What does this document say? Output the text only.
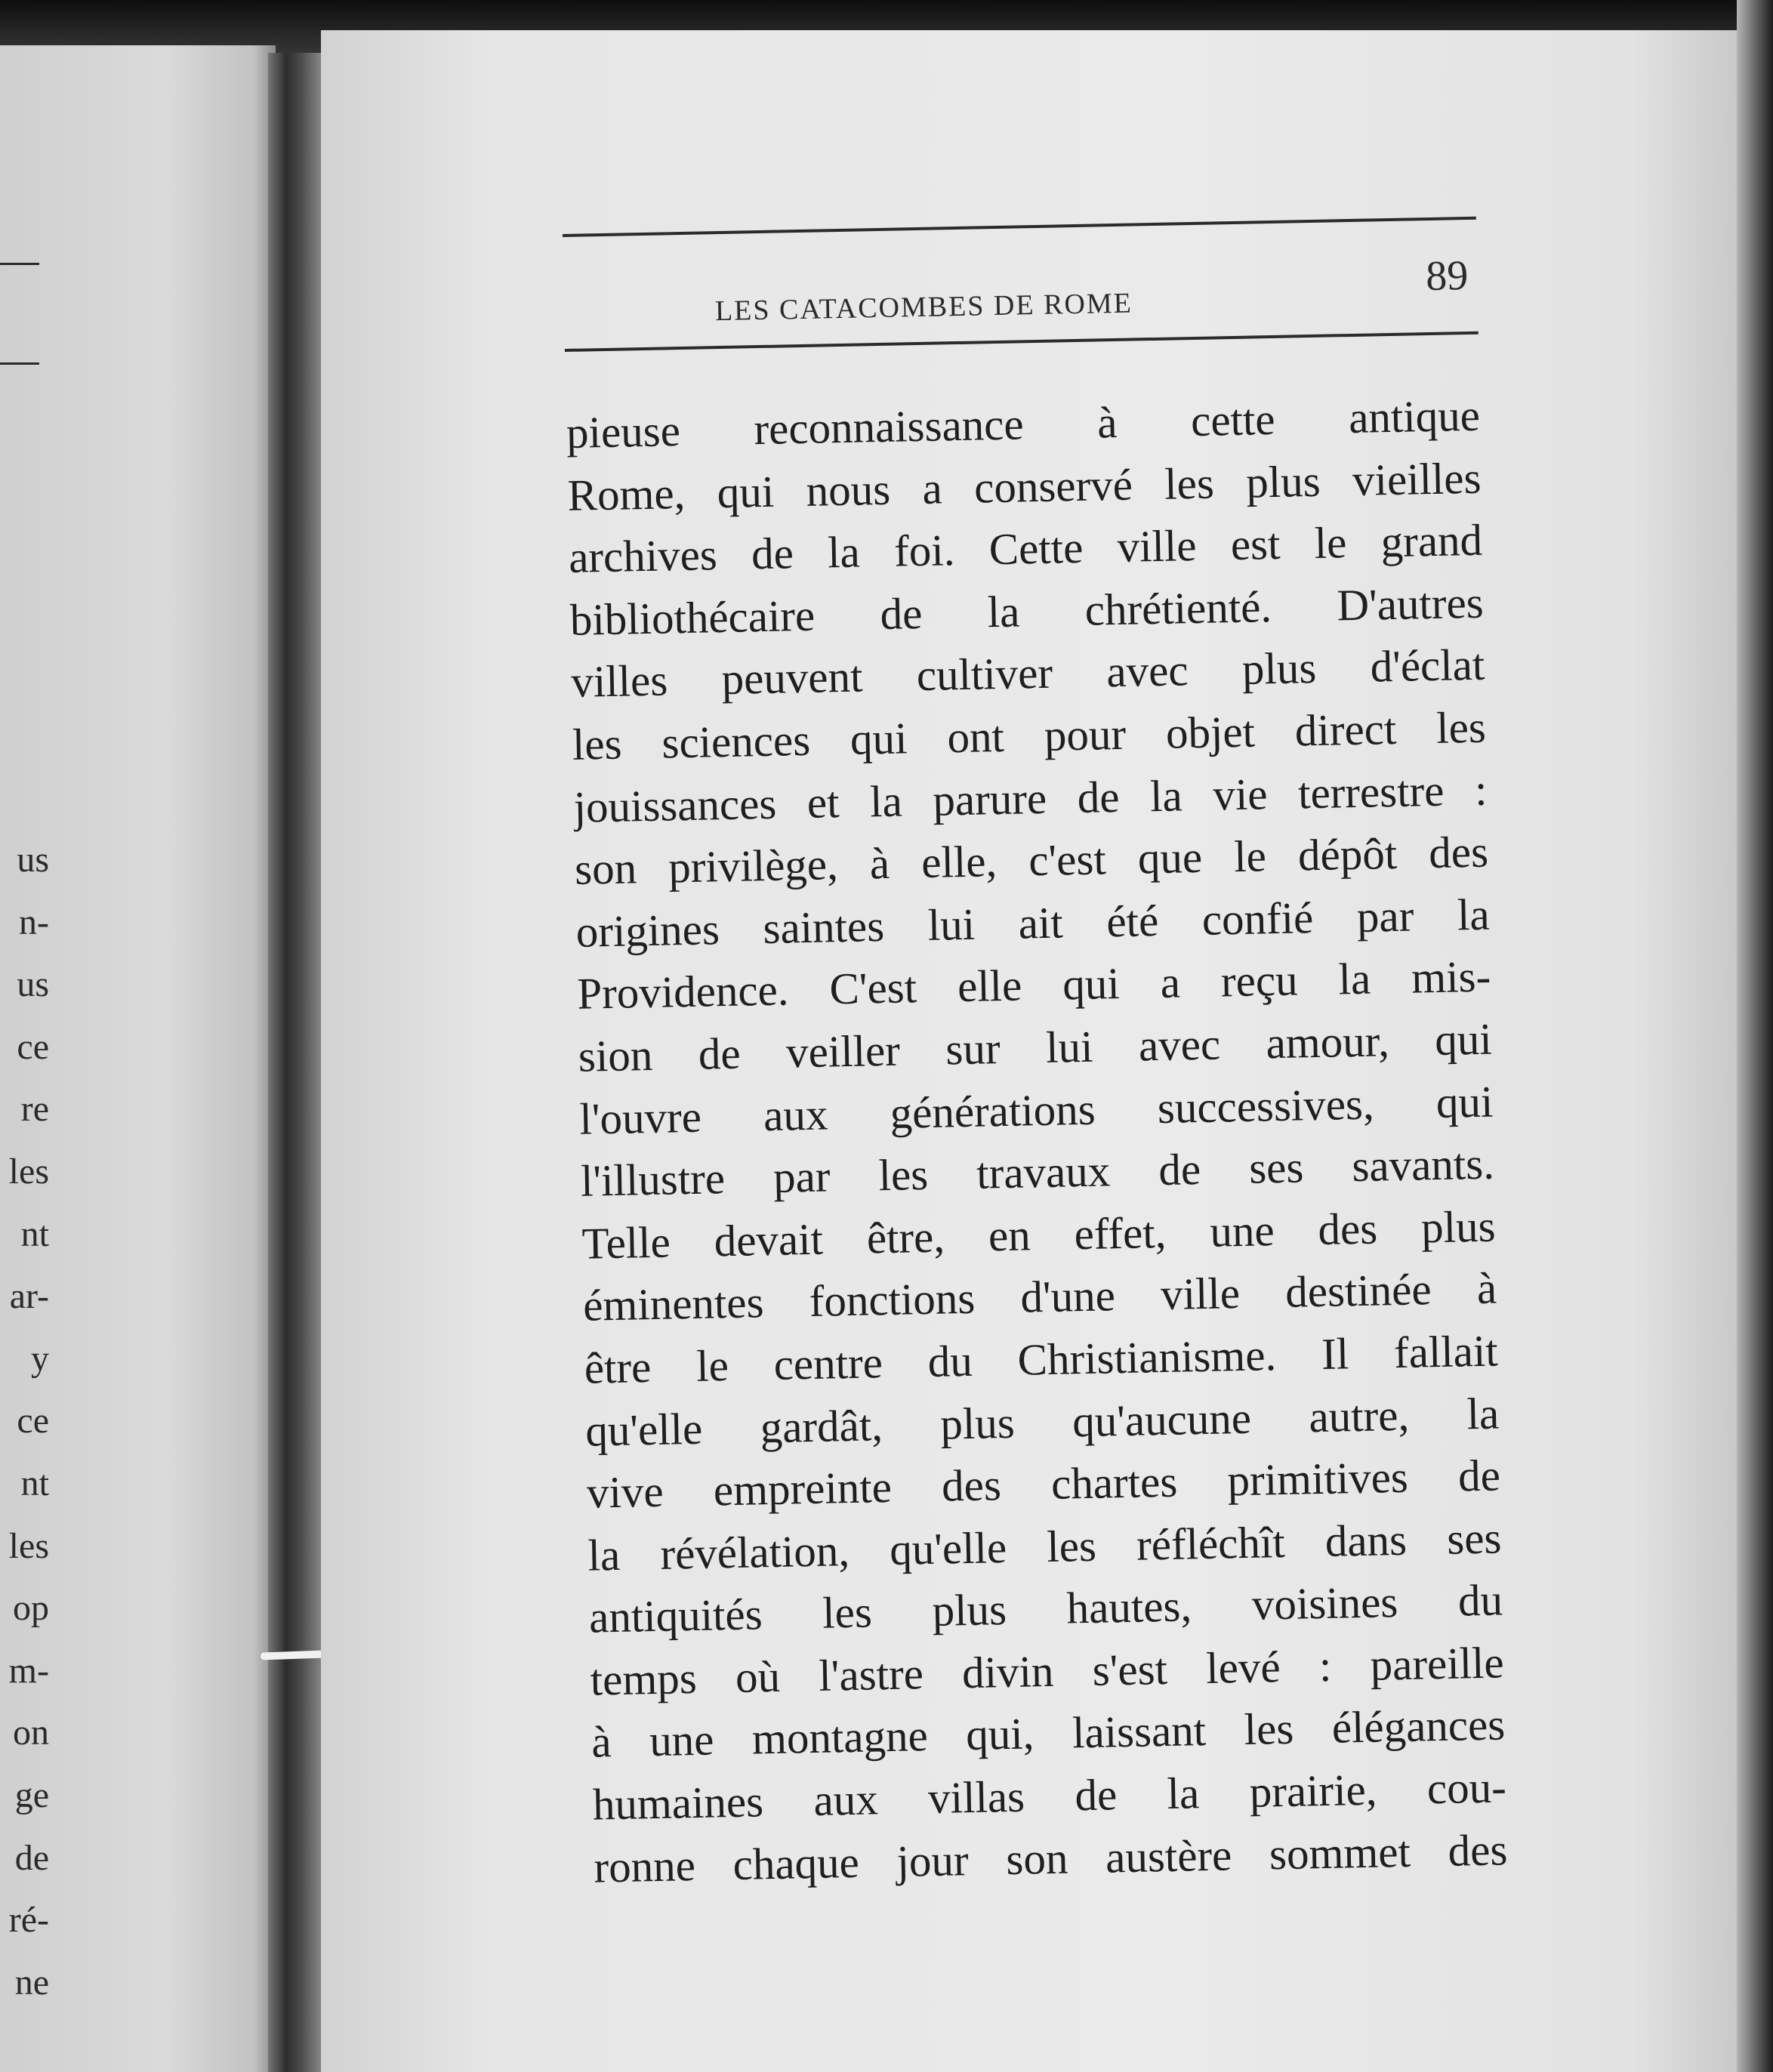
us
n-
us
ce
re
les
nt
ar-
y
ce
nt
les
op
m-
on
ge
de
ré-
ne
LES CATACOMBES DE ROME
89
pieuse reconnaissance à cette antique
Rome, qui nous a conservé les plus vieilles
archives de la foi. Cette ville est le grand
bibliothécaire de la chrétienté. D'autres
villes peuvent cultiver avec plus d'éclat
les sciences qui ont pour objet direct les
jouissances et la parure de la vie terrestre :
son privilège, à elle, c'est que le dépôt des
origines saintes lui ait été confié par la
Providence. C'est elle qui a reçu la mis-
sion de veiller sur lui avec amour, qui
l'ouvre aux générations successives, qui
l'illustre par les travaux de ses savants.
Telle devait être, en effet, une des plus
éminentes fonctions d'une ville destinée à
être le centre du Christianisme. Il fallait
qu'elle gardât, plus qu'aucune autre, la
vive empreinte des chartes primitives de
la révélation, qu'elle les réfléchît dans ses
antiquités les plus hautes, voisines du
temps où l'astre divin s'est levé : pareille
à une montagne qui, laissant les élégances
humaines aux villas de la prairie, cou-
ronne chaque jour son austère sommet des
